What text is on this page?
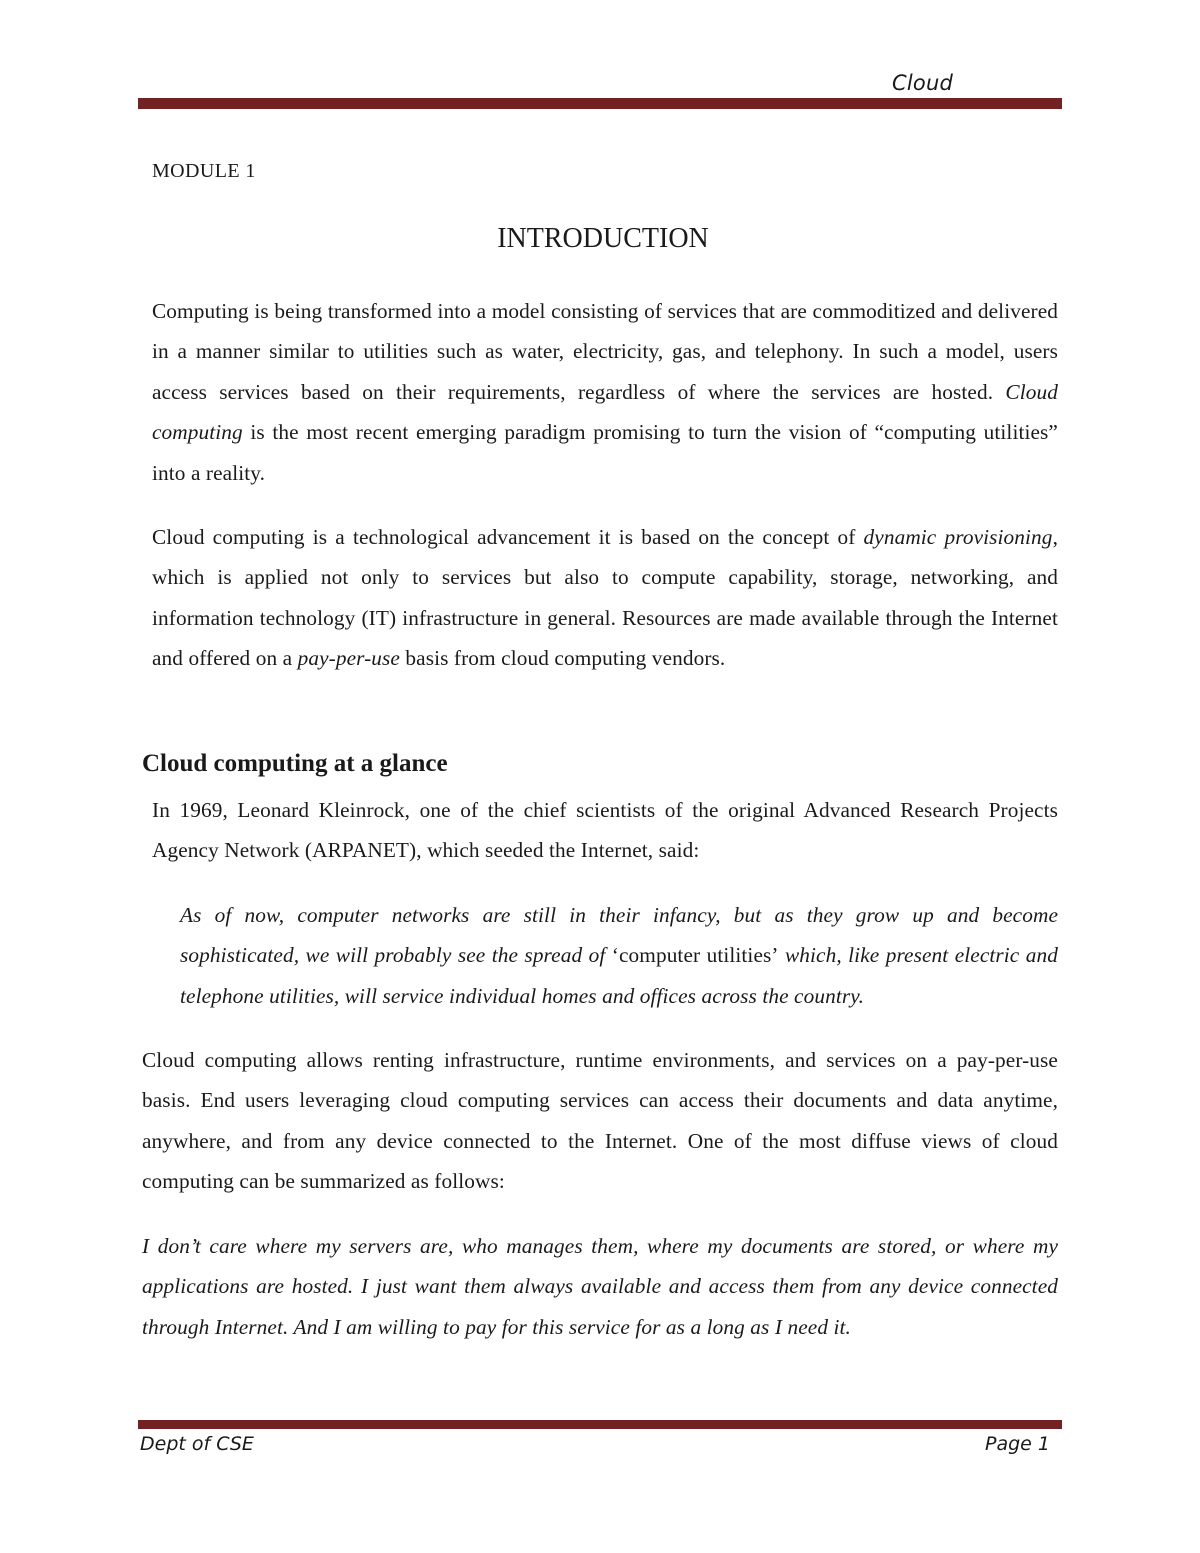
Cloud
MODULE 1
INTRODUCTION

Computing is being transformed into a model consisting of services that are commoditized and delivered in a manner similar to utilities such as water, electricity, gas, and telephony. In such a model, users access services based on their requirements, regardless of where the services are hosted. Cloud computing is the most recent emerging paradigm promising to turn the vision of “computing utilities” into a reality.

Cloud computing is a technological advancement it is based on the concept of dynamic provisioning, which is applied not only to services but also to compute capability, storage, networking, and information technology (IT) infrastructure in general. Resources are made available through the Internet and offered on a pay-per-use basis from cloud computing vendors.

Cloud computing at a glance

In 1969, Leonard Kleinrock, one of the chief scientists of the original Advanced Research Projects Agency Network (ARPANET), which seeded the Internet, said:

As of now, computer networks are still in their infancy, but as they grow up and become sophisticated, we will probably see the spread of ‘computer utilities’ which, like present electric and telephone utilities, will service individual homes and offices across the country.

Cloud computing allows renting infrastructure, runtime environments, and services on a pay-per-use basis. End users leveraging cloud computing services can access their documents and data anytime, anywhere, and from any device connected to the Internet. One of the most diffuse views of cloud computing can be summarized as follows:

I don’t care where my servers are, who manages them, where my documents are stored, or where my applications are hosted. I just want them always available and access them from any device connected through Internet. And I am willing to pay for this service for as a long as I need it.

Dept of CSE	Page 1
